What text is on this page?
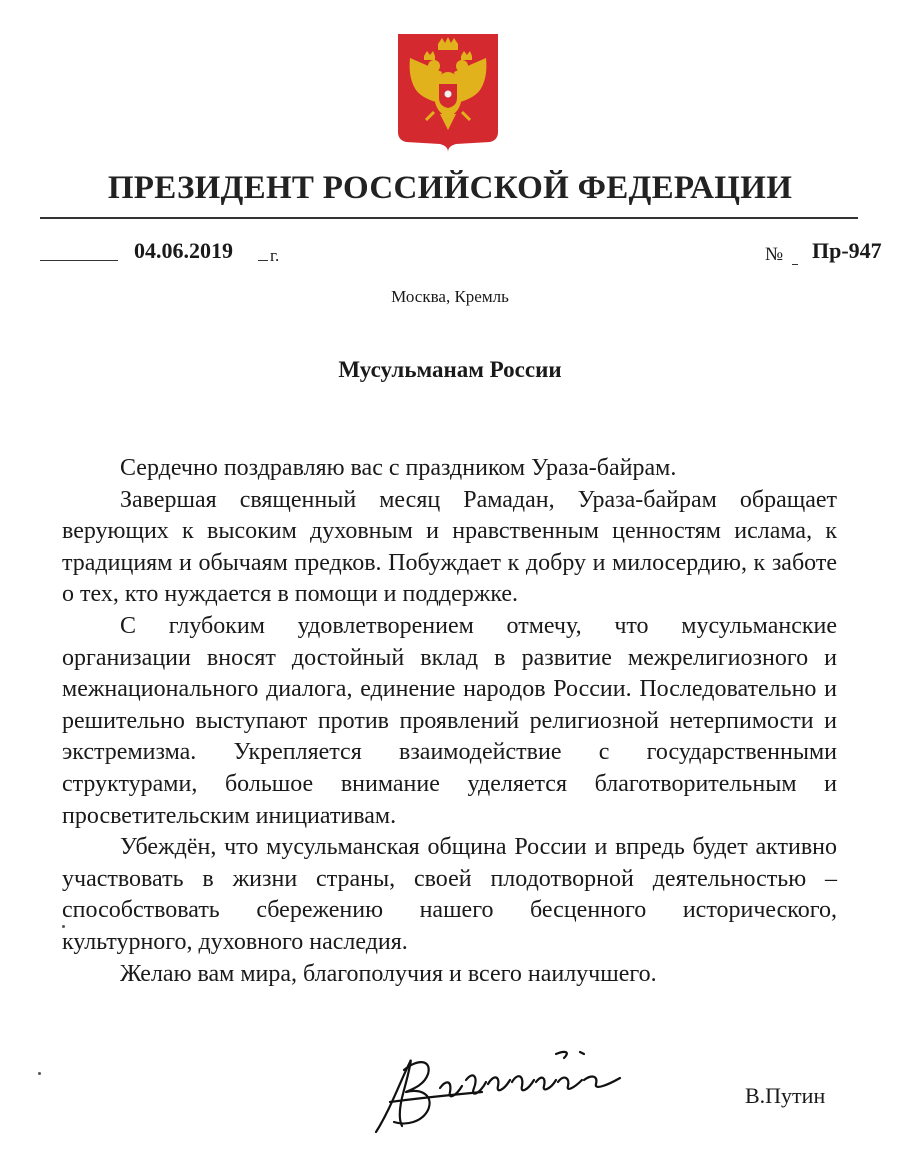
ПРЕЗИДЕНТ РОССИЙСКОЙ ФЕДЕРАЦИИ
04.06.2019 г.	№ Пр-947
Москва, Кремль
Мусульманам России

Сердечно поздравляю вас с праздником Ураза-байрам.

Завершая священный месяц Рамадан, Ураза-байрам обращает верующих к высоким духовным и нравственным ценностям ислама, к традициям и обычаям предков. Побуждает к добру и милосердию, к заботе о тех, кто нуждается в помощи и поддержке.

С глубоким удовлетворением отмечу, что мусульманские организации вносят достойный вклад в развитие межрелигиозного и межнационального диалога, единение народов России. Последовательно и решительно выступают против проявлений религиозной нетерпимости и экстремизма. Укрепляется взаимодействие с государственными структурами, большое внимание уделяется благотворительным и просветительским инициативам.

Убеждён, что мусульманская община России и впредь будет активно участвовать в жизни страны, своей плодотворной деятельностью – способствовать сбережению нашего бесценного исторического, культурного, духовного наследия.

Желаю вам мира, благополучия и всего наилучшего.

В.Путин
